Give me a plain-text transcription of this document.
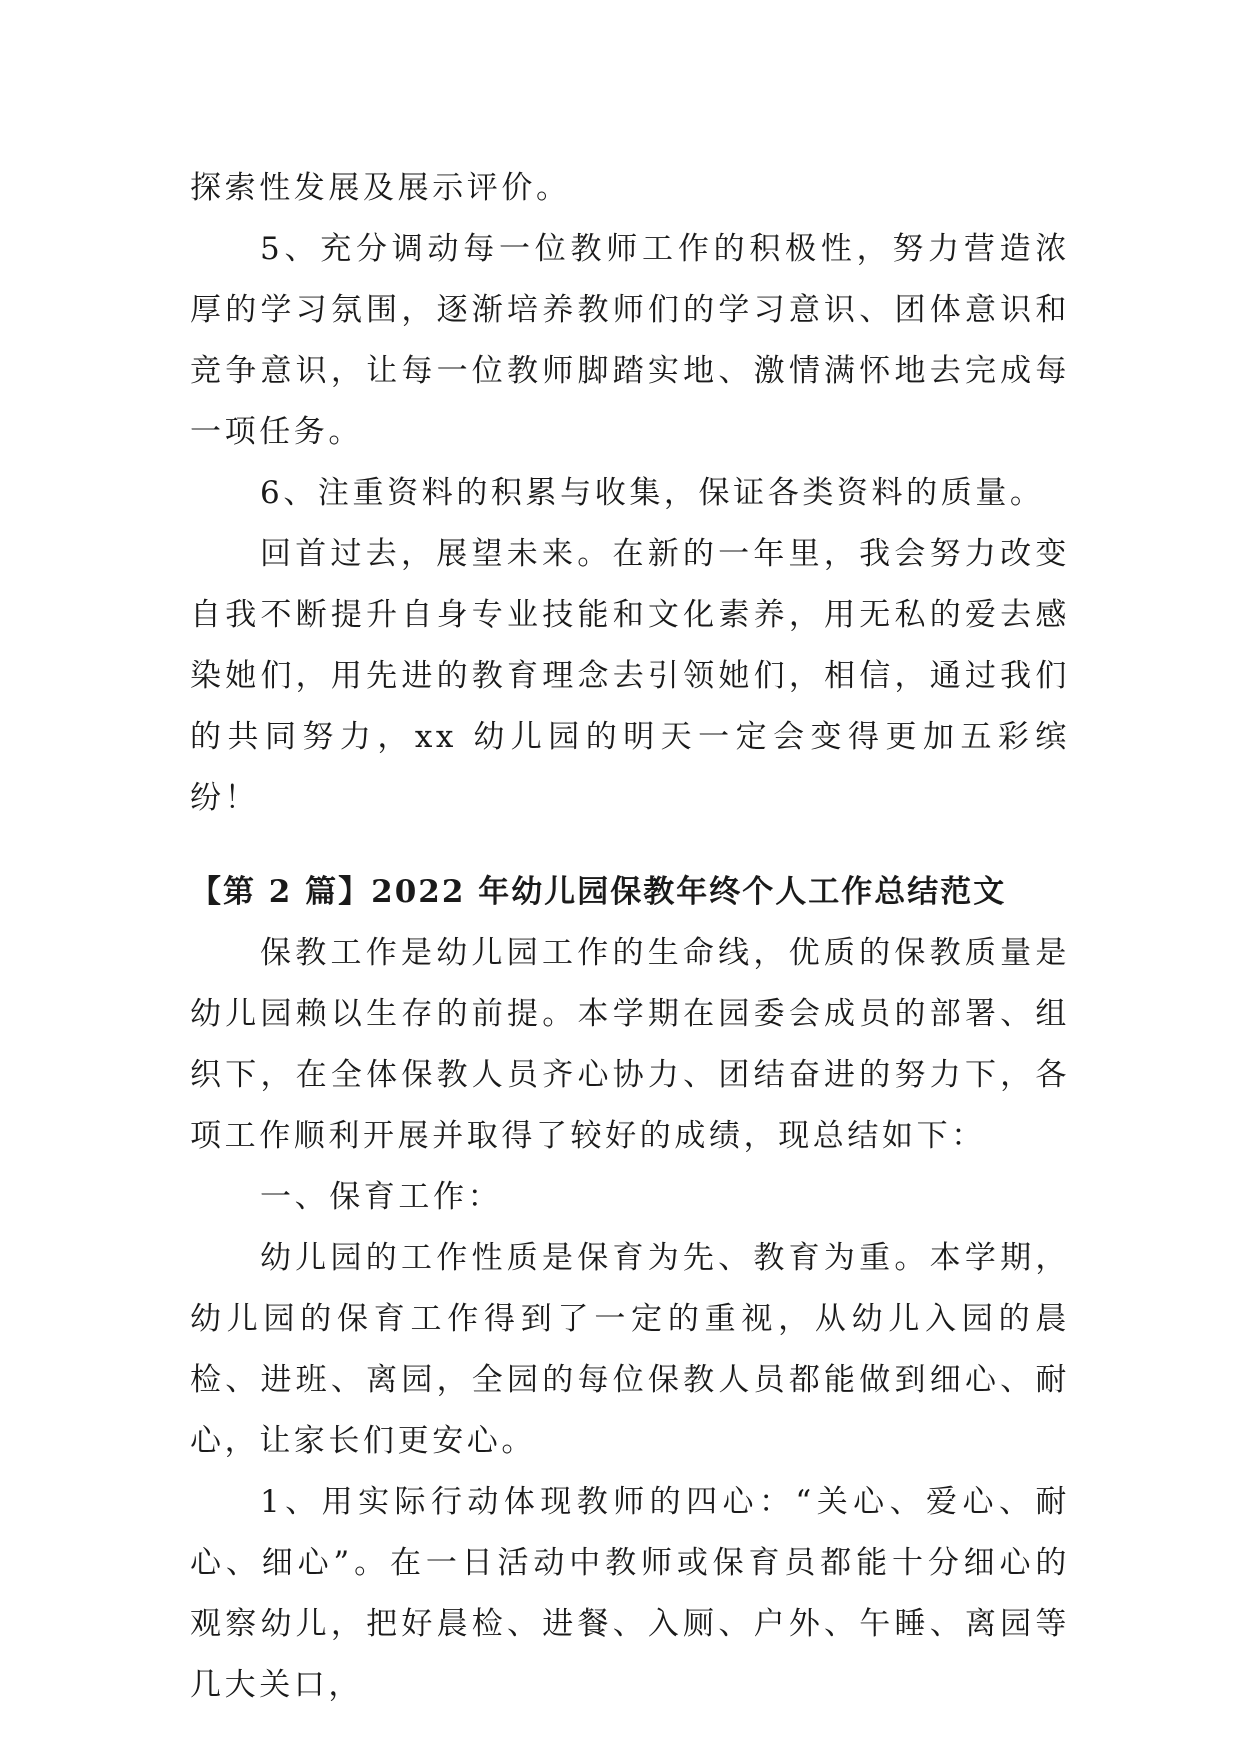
探索性发展及展示评价。

5、充分调动每一位教师工作的积极性，努力营造浓厚的学习氛围，逐渐培养教师们的学习意识、团体意识和竞争意识，让每一位教师脚踏实地、激情满怀地去完成每一项任务。

6、注重资料的积累与收集，保证各类资料的质量。

回首过去，展望未来。在新的一年里，我会努力改变自我不断提升自身专业技能和文化素养，用无私的爱去感染她们，用先进的教育理念去引领她们，相信，通过我们的共同努力，xx 幼儿园的明天一定会变得更加五彩缤纷！

【第 2 篇】2022 年幼儿园保教年终个人工作总结范文

保教工作是幼儿园工作的生命线，优质的保教质量是幼儿园赖以生存的前提。本学期在园委会成员的部署、组织下，在全体保教人员齐心协力、团结奋进的努力下，各项工作顺利开展并取得了较好的成绩，现总结如下：

一、保育工作：

幼儿园的工作性质是保育为先、教育为重。本学期，幼儿园的保育工作得到了一定的重视，从幼儿入园的晨检、进班、离园，全园的每位保教人员都能做到细心、耐心，让家长们更安心。

1、用实际行动体现教师的四心：“关心、爱心、耐心、细心”。在一日活动中教师或保育员都能十分细心的观察幼儿，把好晨检、进餐、入厕、户外、午睡、离园等几大关口，
